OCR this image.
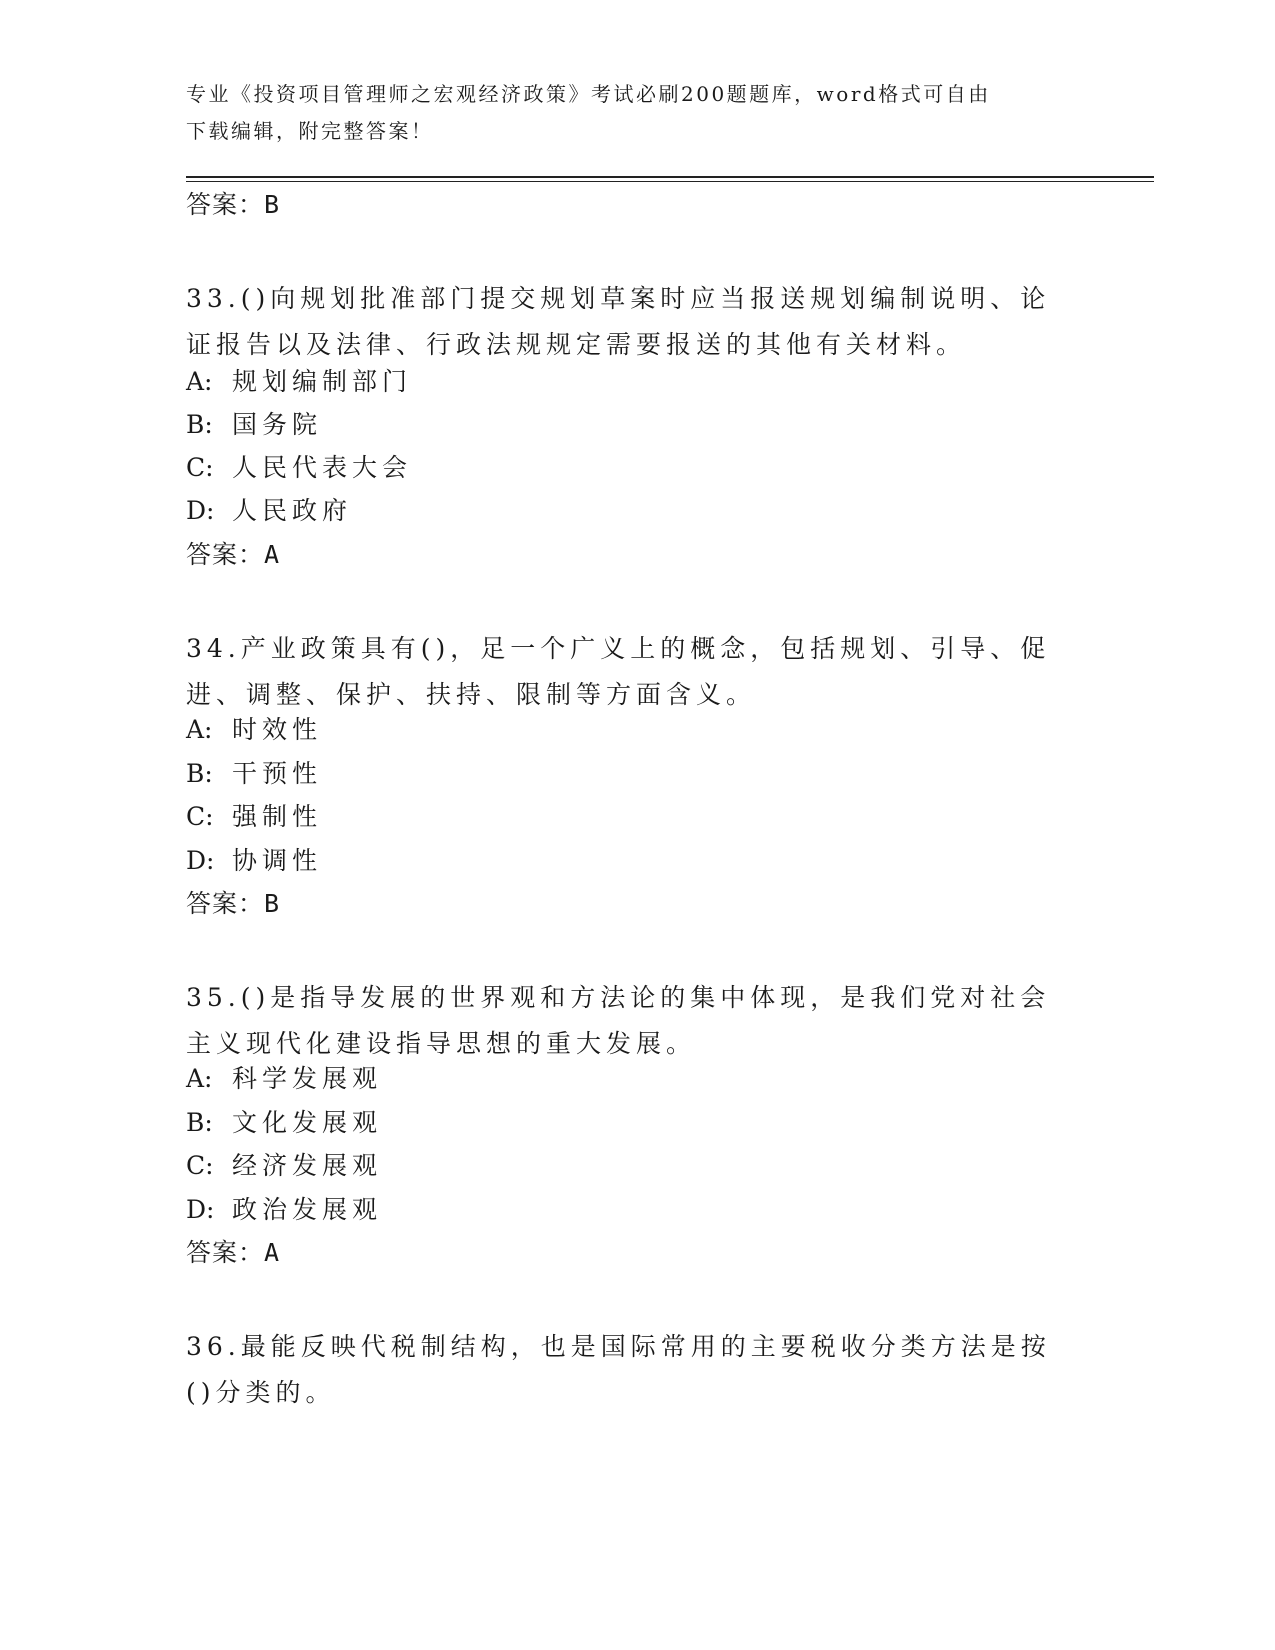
专业《投资项目管理师之宏观经济政策》考试必刷200题题库，word格式可自由
下载编辑，附完整答案！
答案：B

33.()向规划批准部门提交规划草案时应当报送规划编制说明、论证报告以及法律、行政法规规定需要报送的其他有关材料。

A: 规划编制部门
B: 国务院
C: 人民代表大会
D: 人民政府
答案：A

34.产业政策具有()，足一个广义上的概念，包括规划、引导、促进、调整、保护、扶持、限制等方面含义。

A: 时效性
B: 干预性
C: 强制性
D: 协调性
答案：B

35.()是指导发展的世界观和方法论的集中体现，是我们党对社会主义现代化建设指导思想的重大发展。

A: 科学发展观
B: 文化发展观
C: 经济发展观
D: 政治发展观
答案：A

36.最能反映代税制结构，也是国际常用的主要税收分类方法是按()分类的。
